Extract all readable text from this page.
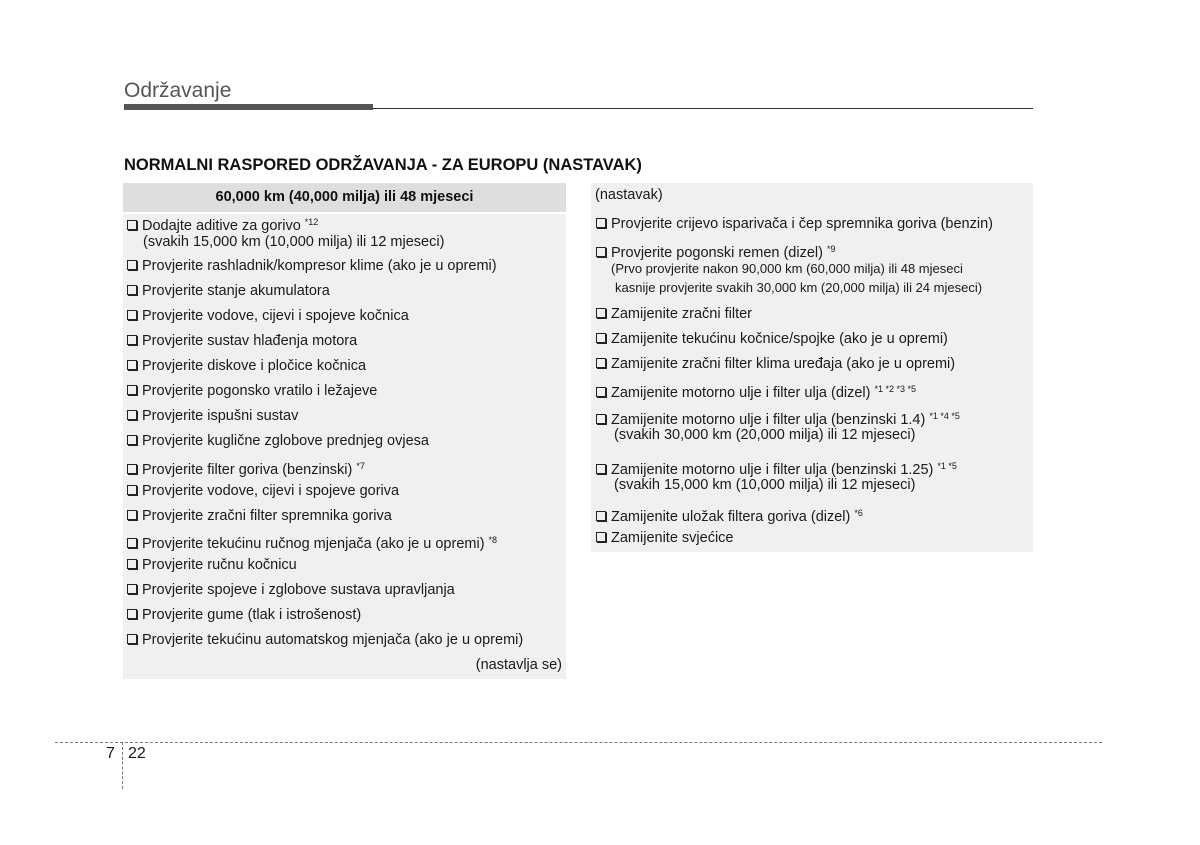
Održavanje
NORMALNI RASPORED ODRŽAVANJA - ZA EUROPU (NASTAVAK)
60,000 km (40,000 milja) ili 48 mjeseci
Dodajte aditive za gorivo $^{*12}$
(svakih 15,000 km (10,000 milja) ili 12 mjeseci)
Provjerite rashladnik/kompresor klime (ako je u opremi)
Provjerite stanje akumulatora
Provjerite vodove, cijevi i spojeve kočnica
Provjerite sustav hlađenja motora
Provjerite diskove i pločice kočnica
Provjerite pogonsko vratilo i ležajeve
Provjerite ispušni sustav
Provjerite kuglične zglobove prednjeg ovjesa
Provjerite filter goriva (benzinski) $^{*7}$
Provjerite vodove, cijevi i spojeve goriva
Provjerite zračni filter spremnika goriva
Provjerite tekućinu ručnog mjenjača (ako je u opremi) $^{*8}$
Provjerite ručnu kočnicu
Provjerite spojeve i zglobove sustava upravljanja
Provjerite gume (tlak i istrošenost)
Provjerite tekućinu automatskog mjenjača (ako je u opremi)
(nastavlja se)
(nastavak)
Provjerite crijevo isparivača i čep spremnika goriva (benzin)
Provjerite pogonski remen (dizel) $^{*9}$
(Prvo provjerite nakon 90,000 km (60,000 milja) ili 48 mjeseci
kasnije provjerite svakih 30,000 km (20,000 milja) ili 24 mjeseci)
Zamijenite zračni filter
Zamijenite tekućinu kočnice/spojke (ako je u opremi)
Zamijenite zračni filter klima uređaja (ako je u opremi)
Zamijenite motorno ulje i filter ulja (dizel) $^{*1 *2 *3 *5}$
Zamijenite motorno ulje i filter ulja (benzinski 1.4) $^{*1 *4 *5}$
(svakih 30,000 km (20,000 milja) ili 12 mjeseci)
Zamijenite motorno ulje i filter ulja (benzinski 1.25) $^{*1 *5}$
(svakih 15,000 km (10,000 milja) ili 12 mjeseci)
Zamijenite uložak filtera goriva (dizel) $^{*6}$
Zamijenite svjećice
7 22
